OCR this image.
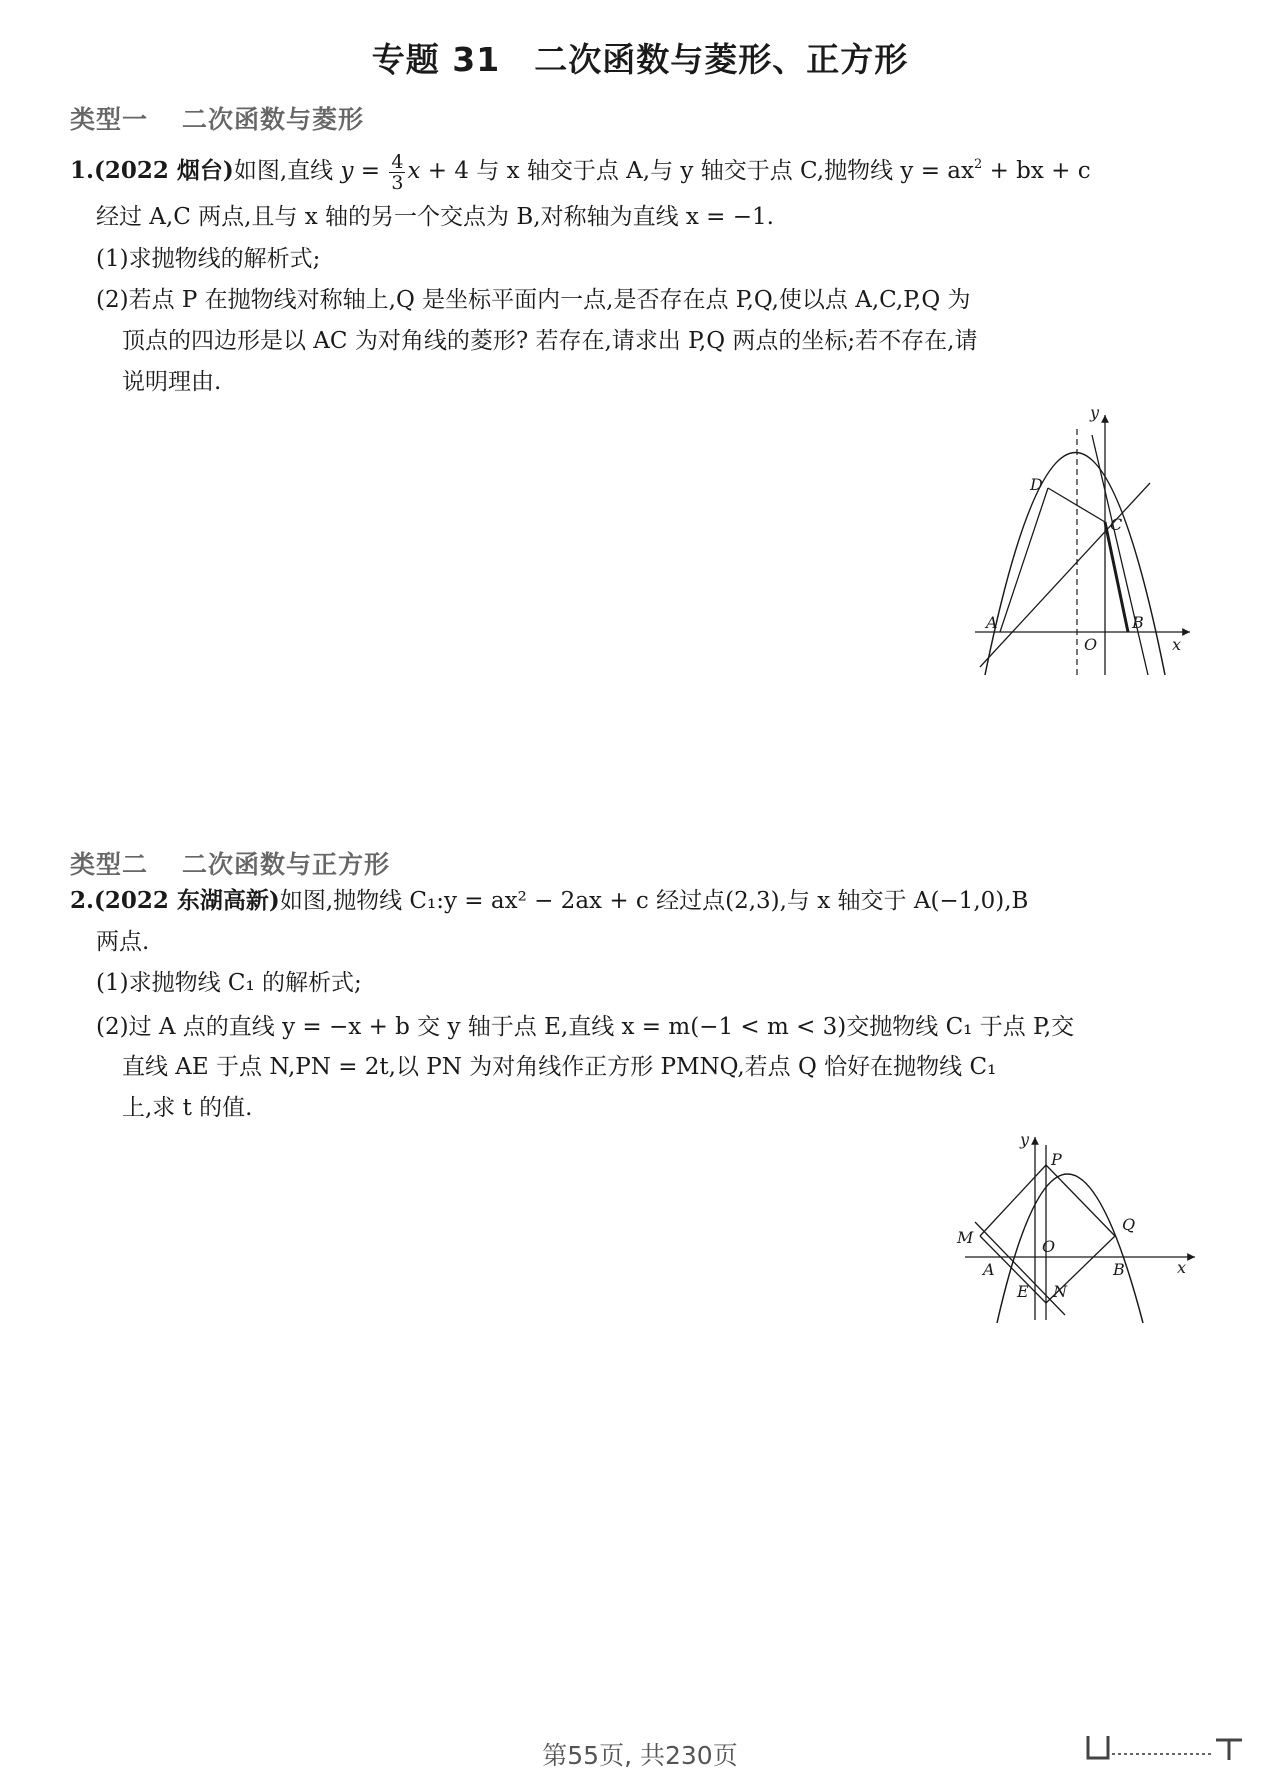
专题 31　二次函数与菱形、正方形
类型一 二次函数与菱形
1.(2022 烟台)如图,直线 $y = \frac{4}{3}$ x + 4 与 x 轴交于点 A,与 y 轴交于点 C,抛物线 $y = ax^2$ + bx + c
经过 A,C 两点,且与 x 轴的另一个交点为 B,对称轴为直线 x = −1.
(1)求抛物线的解析式;
(2)若点 P 在抛物线对称轴上,Q 是坐标平面内一点,是否存在点 P,Q,使以点 A,C,P,Q 为
顶点的四边形是以 AC 为对角线的菱形? 若存在,请求出 P,Q 两点的坐标;若不存在,请
说明理由.
y
D
C
A	B
O	x
类型二 二次函数与正方形
2.(2022 东湖高新)如图,抛物线 C₁:y = ax² − 2ax + c 经过点(2,3),与 x 轴交于 A(−1,0),B
两点.
(1)求抛物线 C₁ 的解析式;
(2)过 A 点的直线 y = −x + b 交 y 轴于点 E,直线 x = m(−1 < m < 3)交抛物线 C₁ 于点 P,交
直线 AE 于点 N,PN = 2t,以 PN 为对角线作正方形 PMNQ,若点 Q 恰好在抛物线 C₁
上,求 t 的值.
y
P
Q
M	O
A	B	x
E N
第55页, 共230页
